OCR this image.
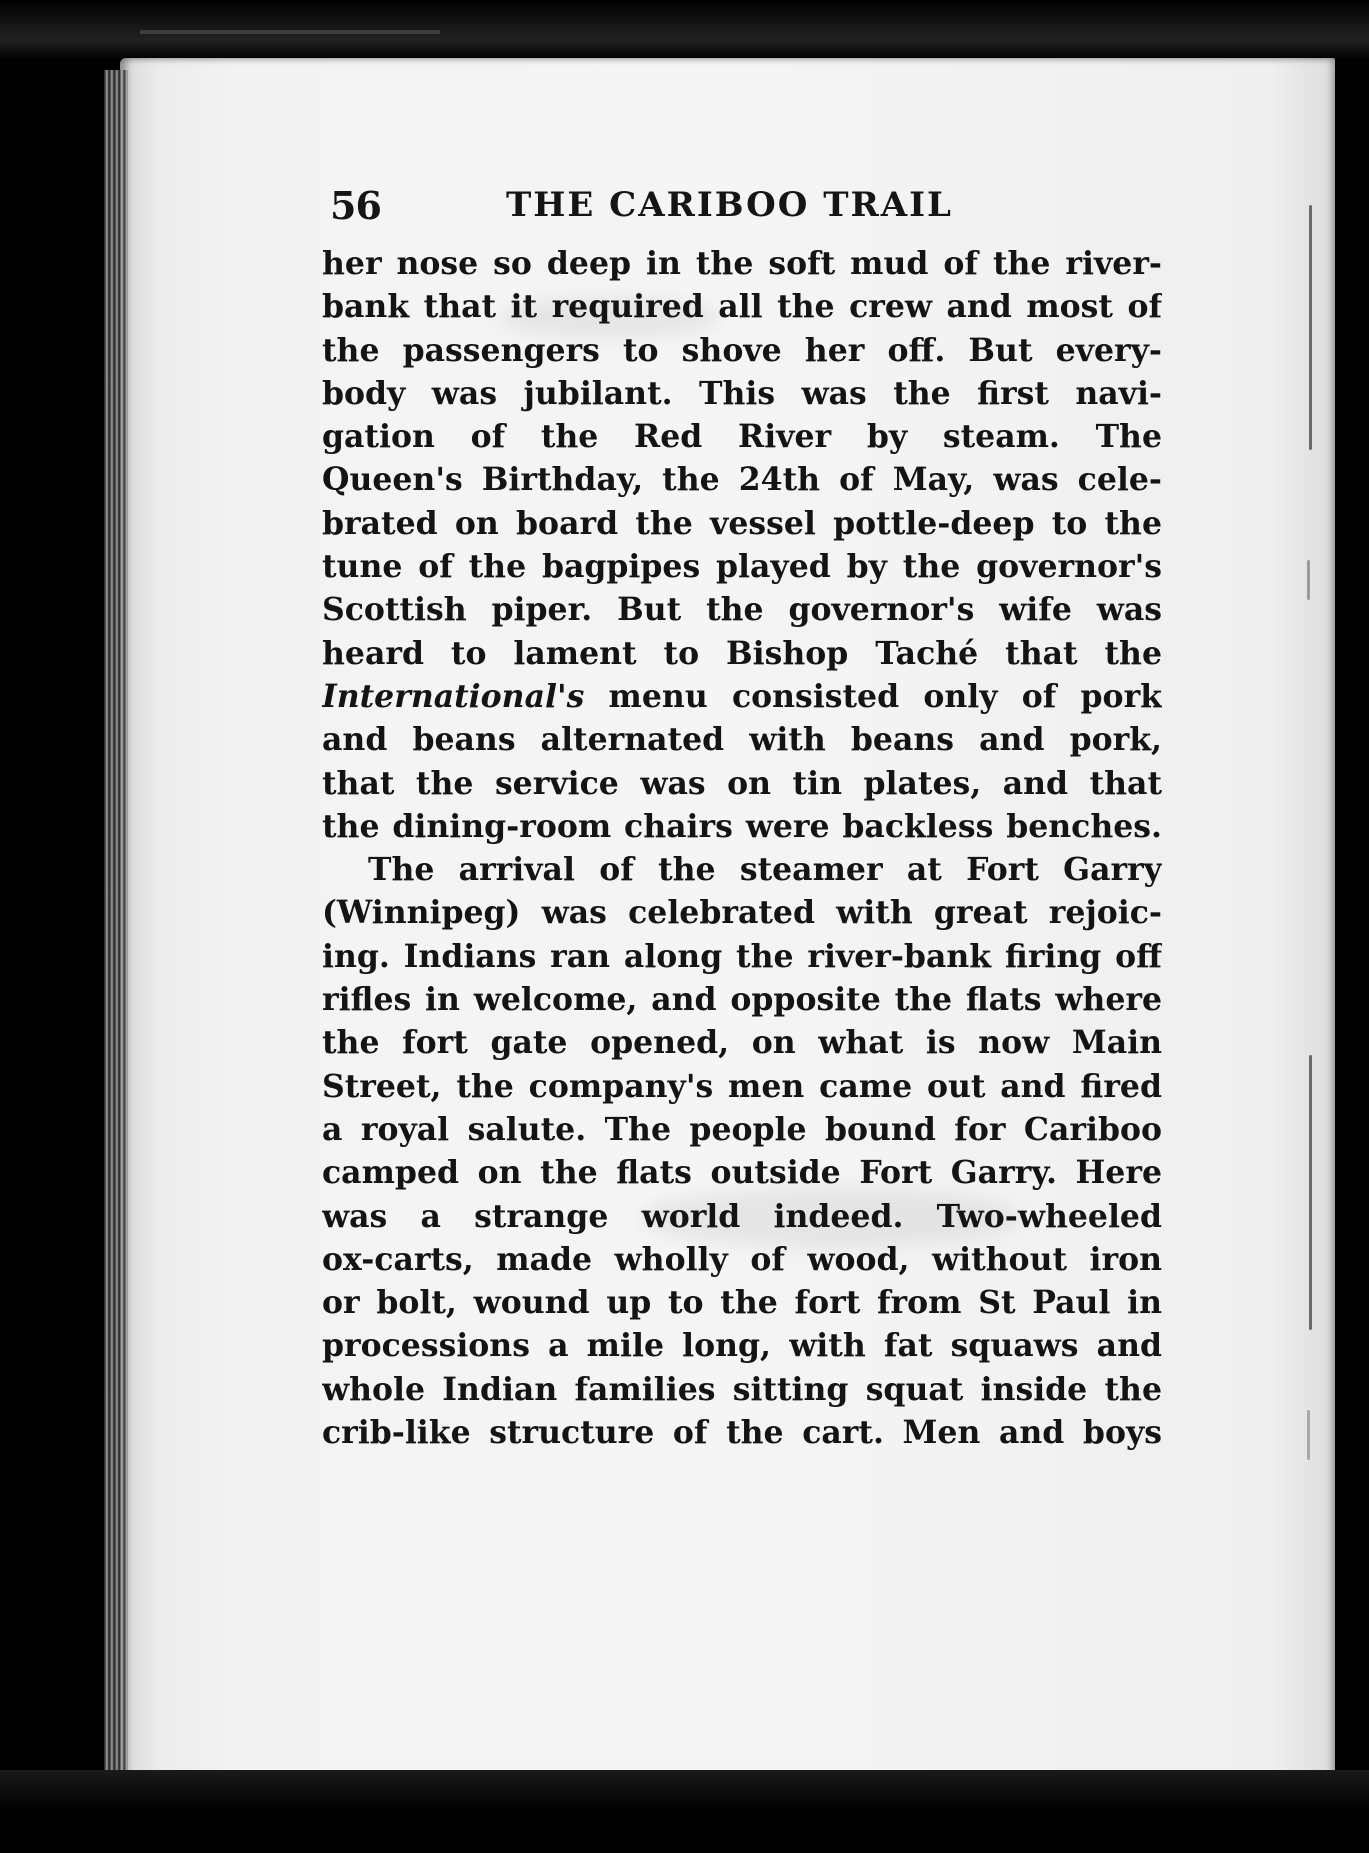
56	THE CARIBOO TRAIL
her nose so deep in the soft mud of the river-
bank that it required all the crew and most of
the passengers to shove her off. But every-
body was jubilant. This was the first navi-
gation of the Red River by steam. The
Queen's Birthday, the 24th of May, was cele-
brated on board the vessel pottle-deep to the
tune of the bagpipes played by the governor's
Scottish piper. But the governor's wife was
heard to lament to Bishop Taché that the
International's menu consisted only of pork
and beans alternated with beans and pork,
that the service was on tin plates, and that
the dining-room chairs were backless benches.
The arrival of the steamer at Fort Garry
(Winnipeg) was celebrated with great rejoic-
ing. Indians ran along the river-bank firing off
rifles in welcome, and opposite the flats where
the fort gate opened, on what is now Main
Street, the company's men came out and fired
a royal salute. The people bound for Cariboo
camped on the flats outside Fort Garry. Here
was a strange world indeed. Two-wheeled
ox-carts, made wholly of wood, without iron
or bolt, wound up to the fort from St Paul in
processions a mile long, with fat squaws and
whole Indian families sitting squat inside the
crib-like structure of the cart. Men and boys
